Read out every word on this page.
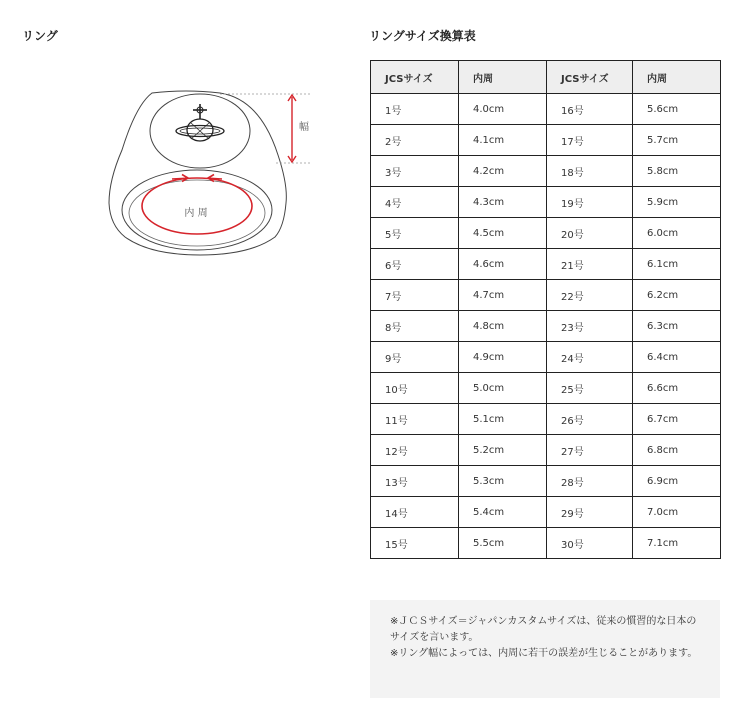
リング
内 周
幅
リングサイズ換算表
JCSサイズ	内周	JCSサイズ	内周
1号	4.0cm	16号	5.6cm
2号	4.1cm	17号	5.7cm
3号	4.2cm	18号	5.8cm
4号	4.3cm	19号	5.9cm
5号	4.5cm	20号	6.0cm
6号	4.6cm	21号	6.1cm
7号	4.7cm	22号	6.2cm
8号	4.8cm	23号	6.3cm
9号	4.9cm	24号	6.4cm
10号	5.0cm	25号	6.6cm
11号	5.1cm	26号	6.7cm
12号	5.2cm	27号	6.8cm
13号	5.3cm	28号	6.9cm
14号	5.4cm	29号	7.0cm
15号	5.5cm	30号	7.1cm

※ＪＣＳサイズ＝ジャパンカスタムサイズは、従来の慣習的な日本のサイズを言います。

※リング幅によっては、内周に若干の誤差が生じることがあります。
